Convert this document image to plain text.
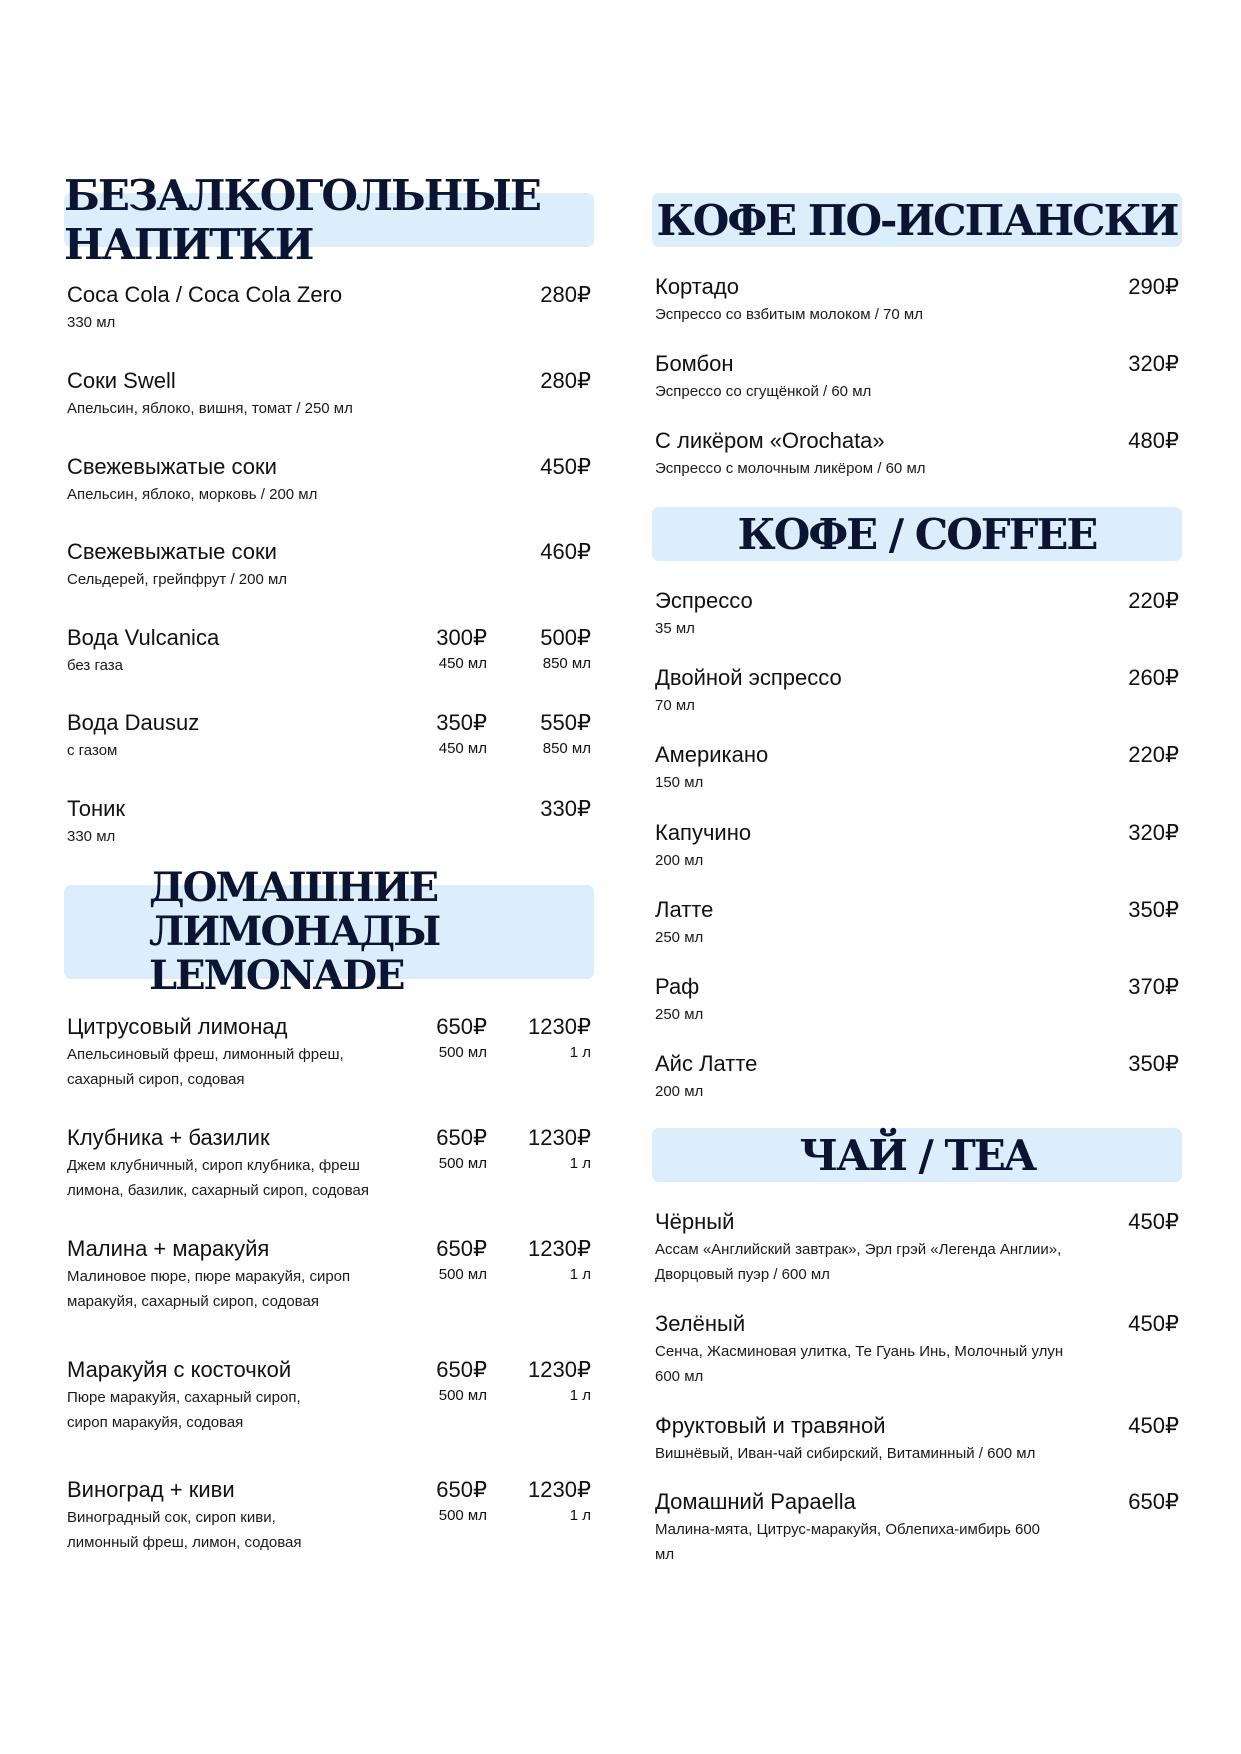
БЕЗАЛКОГОЛЬНЫЕ НАПИТКИ
Coca Cola / Coca Cola Zero
330 мл
280₽
Соки Swell
Апельсин, яблоко, вишня, томат / 250 мл
280₽
Свежевыжатые соки
Апельсин, яблоко, морковь / 200 мл
450₽
Свежевыжатые соки
Сельдерей, грейпфрут / 200 мл
460₽
Вода Vulcanica
без газа
300₽
450 мл
500₽
850 мл
Вода Dausuz
с газом
350₽
450 мл
550₽
850 мл
Тоник
330 мл
330₽
ДОМАШНИЕ ЛИМОНАДЫ
LEMONADE
Цитрусовый лимонад
Апельсиновый фреш, лимонный фреш, сахарный сироп, содовая
650₽
500 мл
1230₽
1 л
Клубника + базилик
Джем клубничный, сироп клубника, фреш лимона, базилик, сахарный сироп, содовая
650₽
500 мл
1230₽
1 л
Малина + маракуйя
Малиновое пюре, пюре маракуйя, сироп маракуйя, сахарный сироп, содовая
650₽
500 мл
1230₽
1 л
Маракуйя с косточкой
Пюре маракуйя, сахарный сироп, сироп маракуйя, содовая
650₽
500 мл
1230₽
1 л
Виноград + киви
Виноградный сок, сироп киви, лимонный фреш, лимон, содовая
650₽
500 мл
1230₽
1 л
КОФЕ ПО-ИСПАНСКИ
Кортадо
Эспрессо со взбитым молоком / 70 мл
290₽
Бомбон
Эспрессо со сгущёнкой / 60 мл
320₽
С ликёром «Orochata»
Эспрессо с молочным ликёром / 60 мл
480₽
КОФЕ / COFFEE
Эспрессо
35 мл
220₽
Двойной эспрессо
70 мл
260₽
Американо
150 мл
220₽
Капучино
200 мл
320₽
Латте
250 мл
350₽
Раф
250 мл
370₽
Айс Латте
200 мл
350₽
ЧАЙ / TEA
Чёрный
Ассам «Английский завтрак», Эрл грэй «Легенда Англии», Дворцовый пуэр / 600 мл
450₽
Зелёный
Сенча, Жасминовая улитка, Те Гуань Инь, Молочный улун 600 мл
450₽
Фруктовый и травяной
Вишнёвый, Иван-чай сибирский, Витаминный / 600 мл
450₽
Домашний Papaella
Малина-мята, Цитрус-маракуйя, Облепиха-имбирь 600 мл
650₽
